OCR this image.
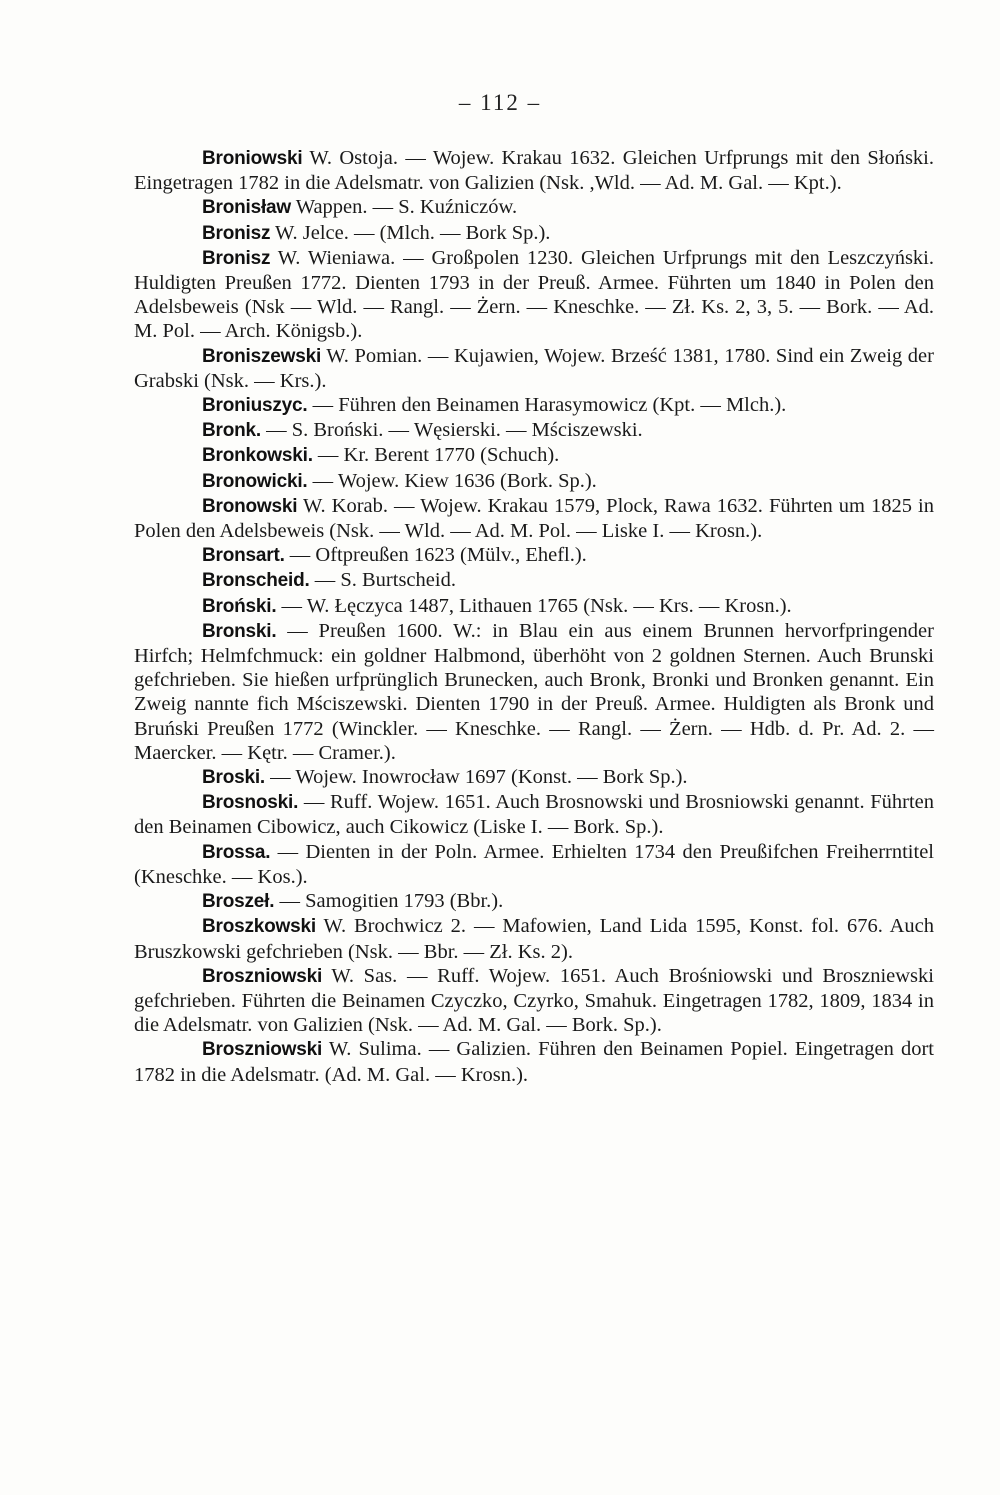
– 112 –

Broniowski W. Ostoja. — Wojew. Krakau 1632. Gleichen Urfprungs mit den Słoński. Eingetragen 1782 in die Adelsmatr. von Galizien (Nsk. ,Wld. — Ad. M. Gal. — Kpt.).

Bronisław Wappen. — S. Kuźniczów.

Bronisz W. Jelce. — (Mlch. — Bork Sp.).

Bronisz W. Wieniawa. — Großpolen 1230. Gleichen Urfprungs mit den Leszczyński. Huldigten Preußen 1772. Dienten 1793 in der Preuß. Armee. Führten um 1840 in Polen den Adelsbeweis (Nsk — Wld. — Rangl. — Żern. — Kneschke. — Zł. Ks. 2, 3, 5. — Bork. — Ad. M. Pol. — Arch. Königsb.).

Broniszewski W. Pomian. — Kujawien, Wojew. Brześć 1381, 1780. Sind ein Zweig der Grabski (Nsk. — Krs.).

Broniuszyc. — Führen den Beinamen Harasymowicz (Kpt. — Mlch.).

Bronk. — S. Broński. — Węsierski. — Mściszewski.

Bronkowski. — Kr. Berent 1770 (Schuch).

Bronowicki. — Wojew. Kiew 1636 (Bork. Sp.).

Bronowski W. Korab. — Wojew. Krakau 1579, Plock, Rawa 1632. Führten um 1825 in Polen den Adelsbeweis (Nsk. — Wld. — Ad. M. Pol. — Liske I. — Krosn.).

Bronsart. — Oftpreußen 1623 (Mülv., Ehefl.).

Bronscheid. — S. Burtscheid.

Broński. — W. Łęczyca 1487, Lithauen 1765 (Nsk. — Krs. — Krosn.).

Bronski. — Preußen 1600. W.: in Blau ein aus einem Brunnen hervorfpringender Hirfch; Helmfchmuck: ein goldner Halbmond, überhöht von 2 goldnen Sternen. Auch Brunski gefchrieben. Sie hießen urfprünglich Brunecken, auch Bronk, Bronki und Bronken genannt. Ein Zweig nannte fich Mściszewski. Dienten 1790 in der Preuß. Armee. Huldigten als Bronk und Bruński Preußen 1772 (Winckler. — Kneschke. — Rangl. — Żern. — Hdb. d. Pr. Ad. 2. — Maercker. — Kętr. — Cramer.).

Broski. — Wojew. Inowrocław 1697 (Konst. — Bork Sp.).

Brosnoski. — Ruff. Wojew. 1651. Auch Brosnowski und Brosniowski genannt. Führten den Beinamen Cibowicz, auch Cikowicz (Liske I. — Bork. Sp.).

Brossa. — Dienten in der Poln. Armee. Erhielten 1734 den Preußifchen Freiherrntitel (Kneschke. — Kos.).

Broszeł. — Samogitien 1793 (Bbr.).

Broszkowski W. Brochwicz 2. — Mafowien, Land Lida 1595, Konst. fol. 676. Auch Bruszkowski gefchrieben (Nsk. — Bbr. — Zł. Ks. 2).

Broszniowski W. Sas. — Ruff. Wojew. 1651. Auch Brośniowski und Broszniewski gefchrieben. Führten die Beinamen Czyczko, Czyrko, Smahuk. Eingetragen 1782, 1809, 1834 in die Adelsmatr. von Galizien (Nsk. — Ad. M. Gal. — Bork. Sp.).

Broszniowski W. Sulima. — Galizien. Führen den Beinamen Popiel. Eingetragen dort 1782 in die Adelsmatr. (Ad. M. Gal. — Krosn.).
